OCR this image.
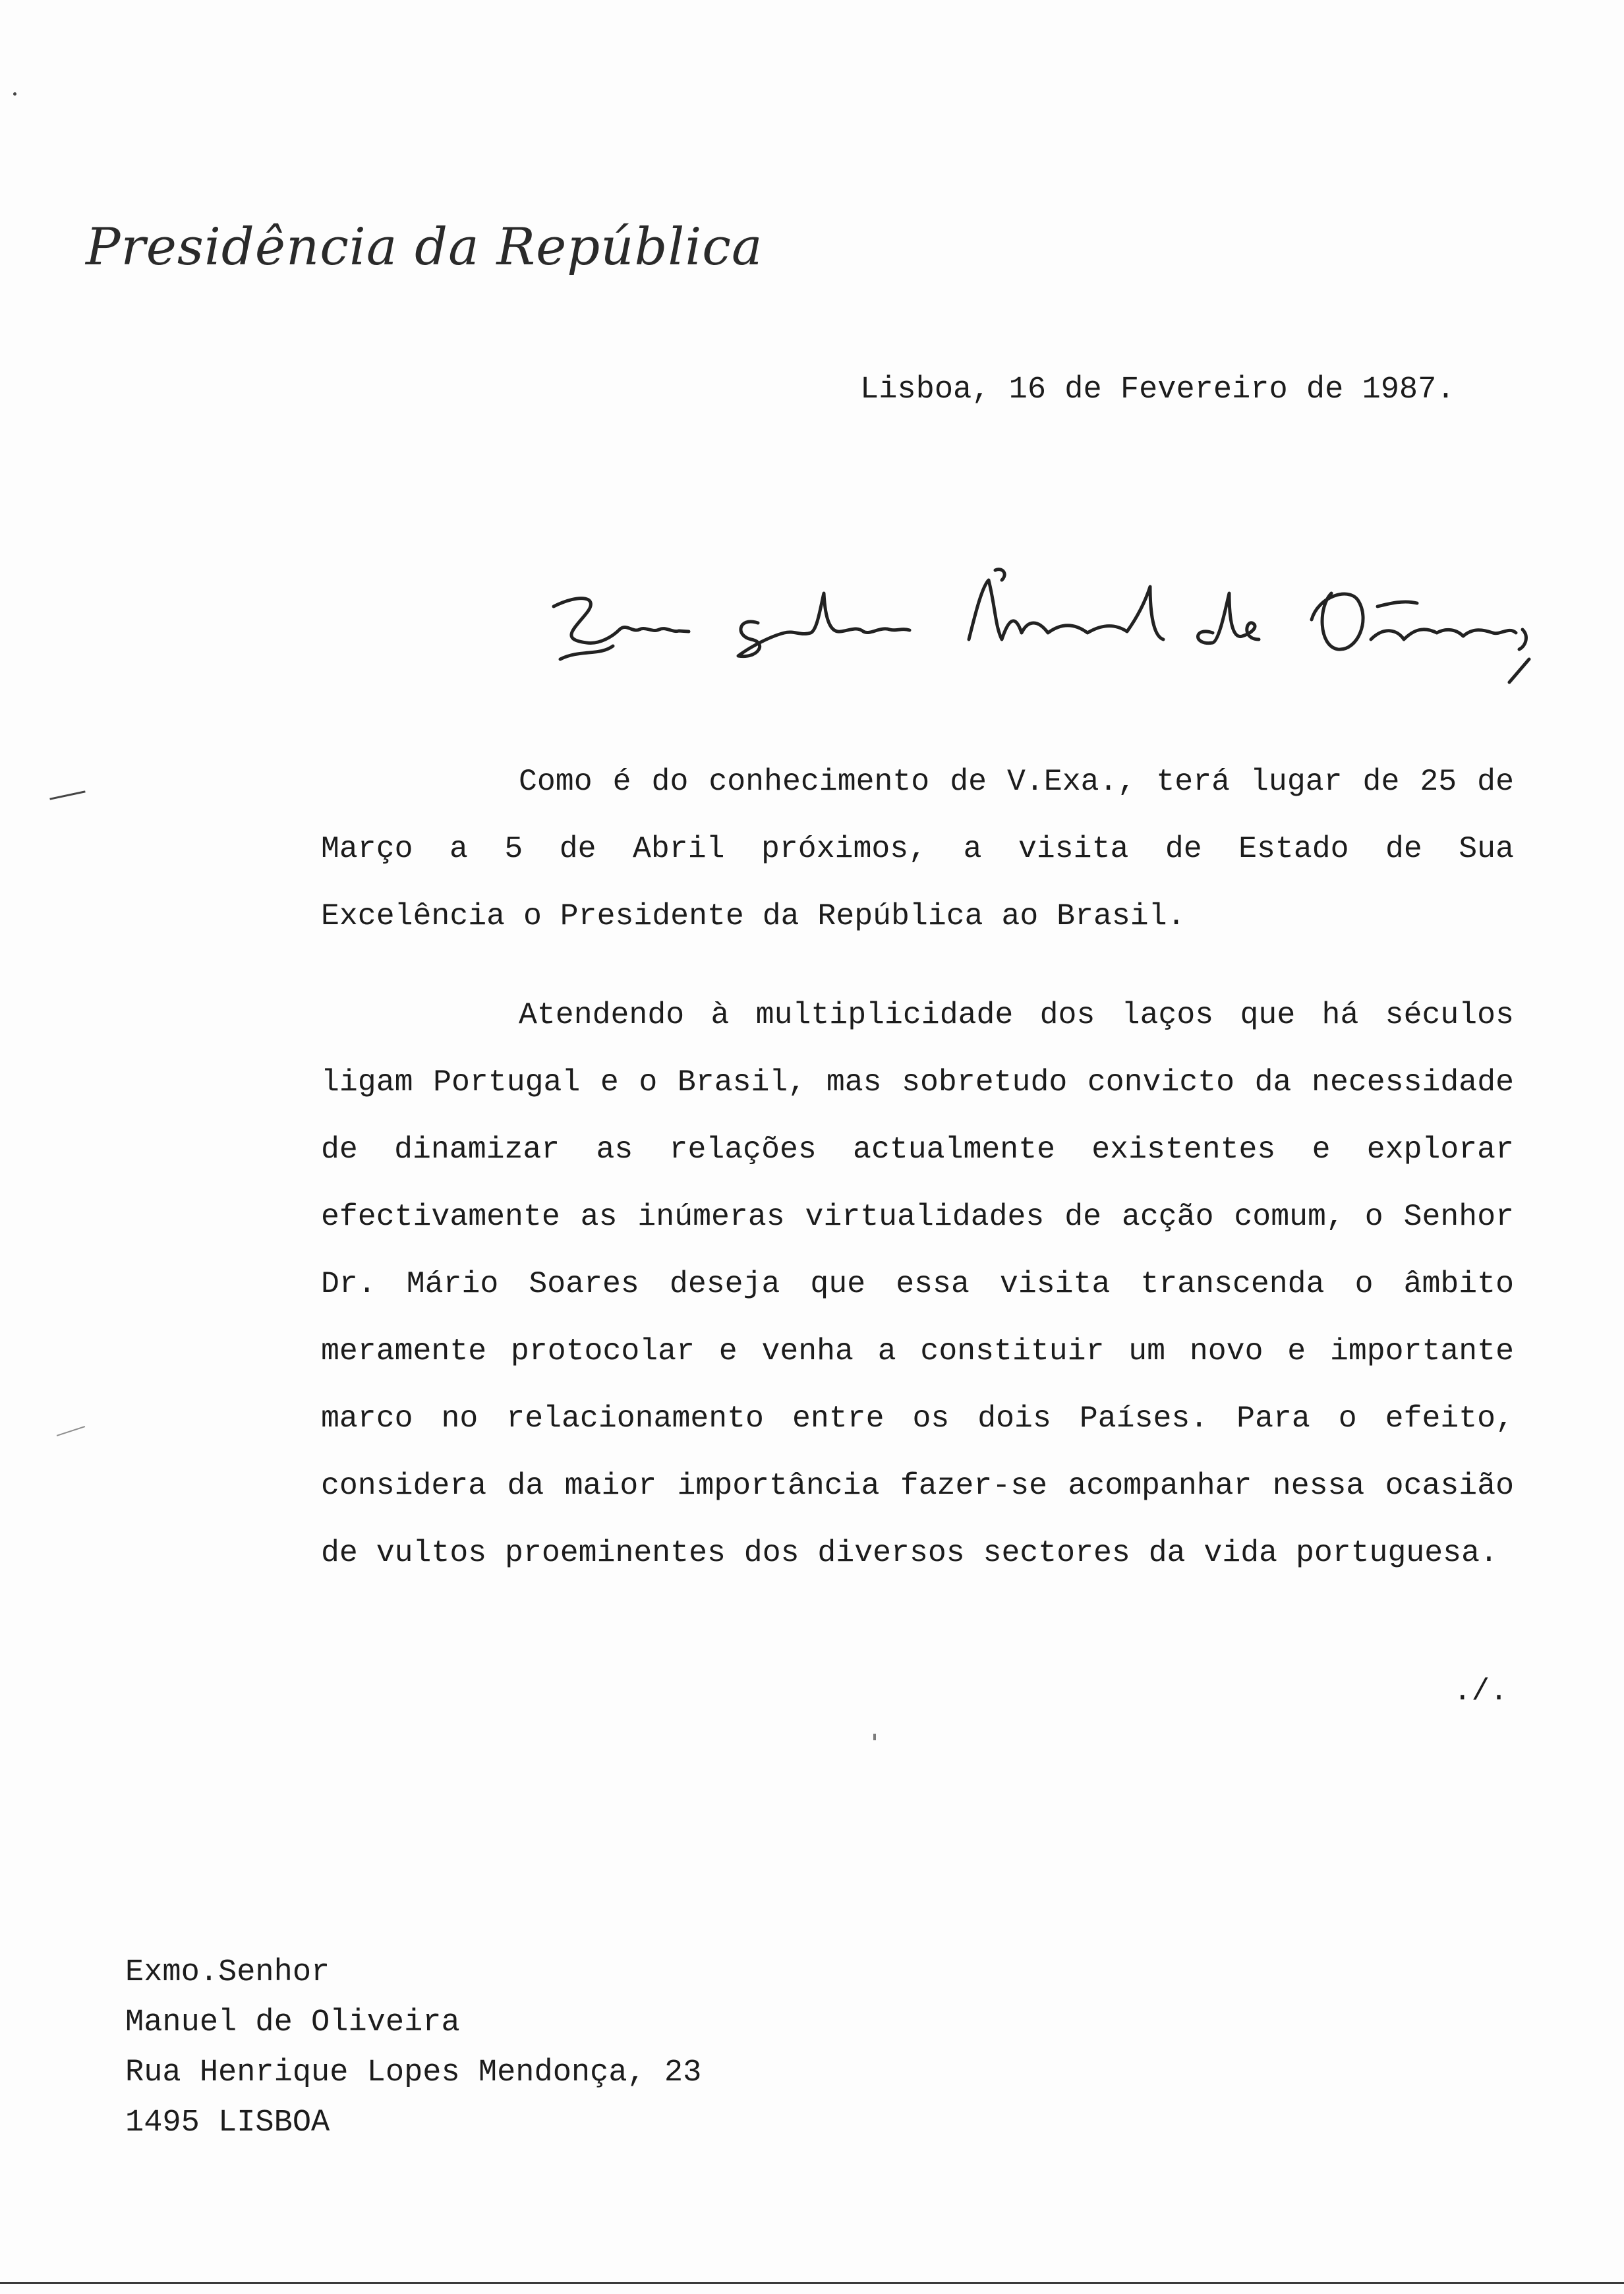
Presidência da República
Lisboa, 16 de Fevereiro de 1987.

Como é do conhecimento de V.Exa., terá lugar de 25 de Março a 5 de Abril próximos, a visita de Estado de Sua Excelência o Presidente da República ao Brasil.

Atendendo à multiplicidade dos laços que há séculos ligam Portugal e o Brasil, mas sobretudo convicto da necessidade de dinamizar as relações actualmente existentes e explorar efectivamente as inúmeras virtualidades de acção comum, o Senhor Dr. Mário Soares deseja que essa visita transcenda o âmbito meramente protocolar e venha a constituir um novo e importante marco no relacionamento entre os dois Países. Para o efeito, considera da maior importância fazer-se acompanhar nessa ocasião de vultos proeminentes dos diversos sectores da vida portuguesa.

./.
Exmo.Senhor
Manuel de Oliveira
Rua Henrique Lopes Mendonça, 23
1495 LISBOA
